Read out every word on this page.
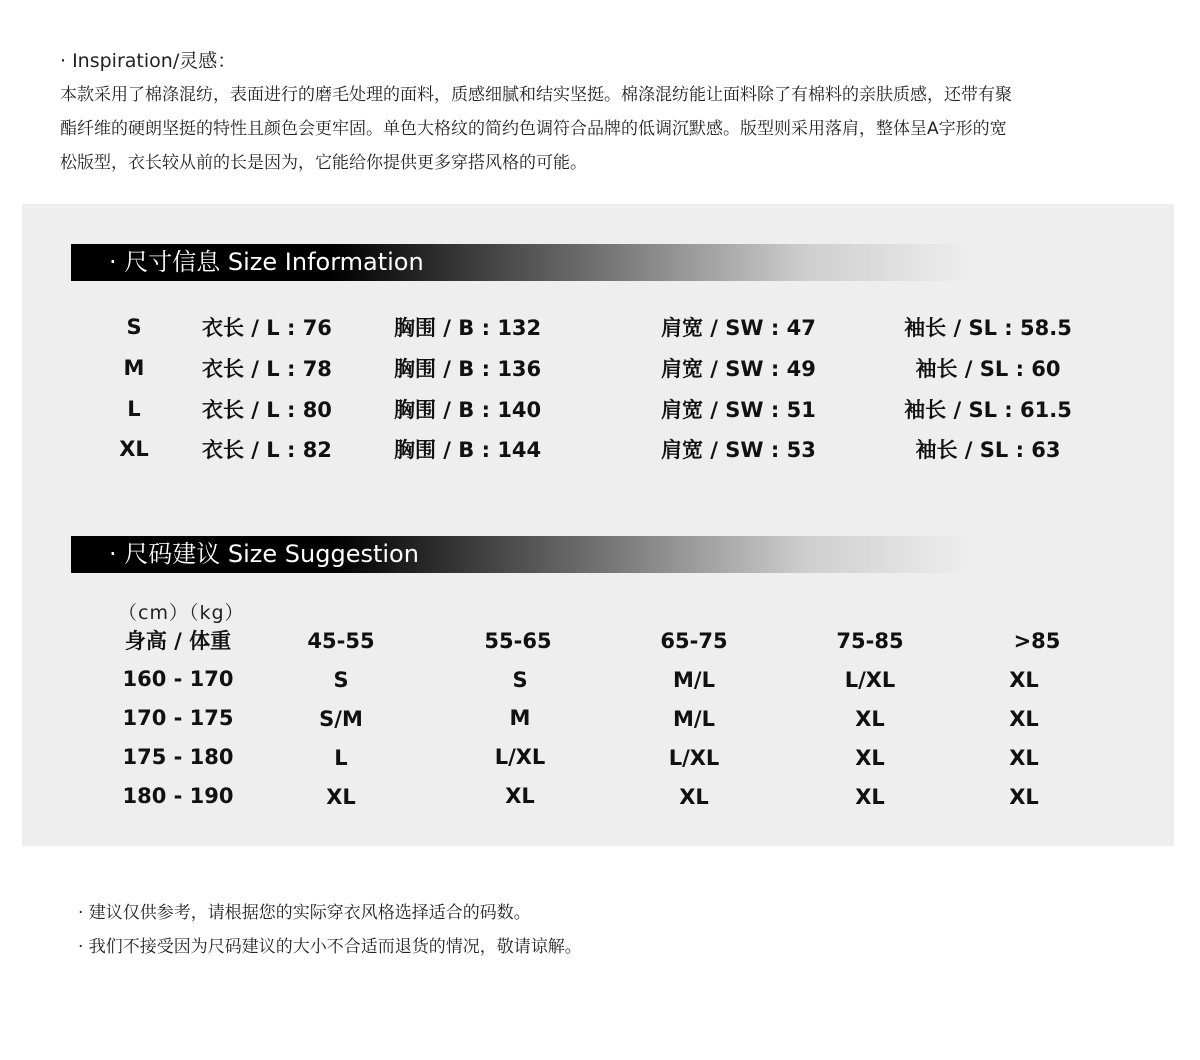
· Inspiration/灵感：

本款采用了棉涤混纺，表面进行的磨毛处理的面料，质感细腻和结实坚挺。棉涤混纺能让面料除了有棉料的亲肤质感，还带有聚

酯纤维的硬朗坚挺的特性且颜色会更牢固。单色大格纹的简约色调符合品牌的低调沉默感。版型则采用落肩，整体呈A字形的宽

松版型，衣长较从前的长是因为，它能给你提供更多穿搭风格的可能。

· 尺寸信息 Size Information
S	衣长 / L : 76	胸围 / B : 132	肩宽 / SW : 47	袖长 / SL : 58.5
M	衣长 / L : 78	胸围 / B : 136	肩宽 / SW : 49	袖长 / SL : 60
L	衣长 / L : 80	胸围 / B : 140	肩宽 / SW : 51	袖长 / SL : 61.5
XL	衣长 / L : 82	胸围 / B : 144	肩宽 / SW : 53	袖长 / SL : 63
· 尺码建议 Size Suggestion
（cm）（kg）
身高 / 体重	45-55	55-65	65-75	75-85	>85
160 - 170	S	S	M/L	L/XL	XL
170 - 175	S/M	M	M/L	XL	XL
175 - 180	L	L/XL	L/XL	XL	XL
180 - 190	XL	XL	XL	XL	XL

· 建议仅供参考，请根据您的实际穿衣风格选择适合的码数。

· 我们不接受因为尺码建议的大小不合适而退货的情况，敬请谅解。
